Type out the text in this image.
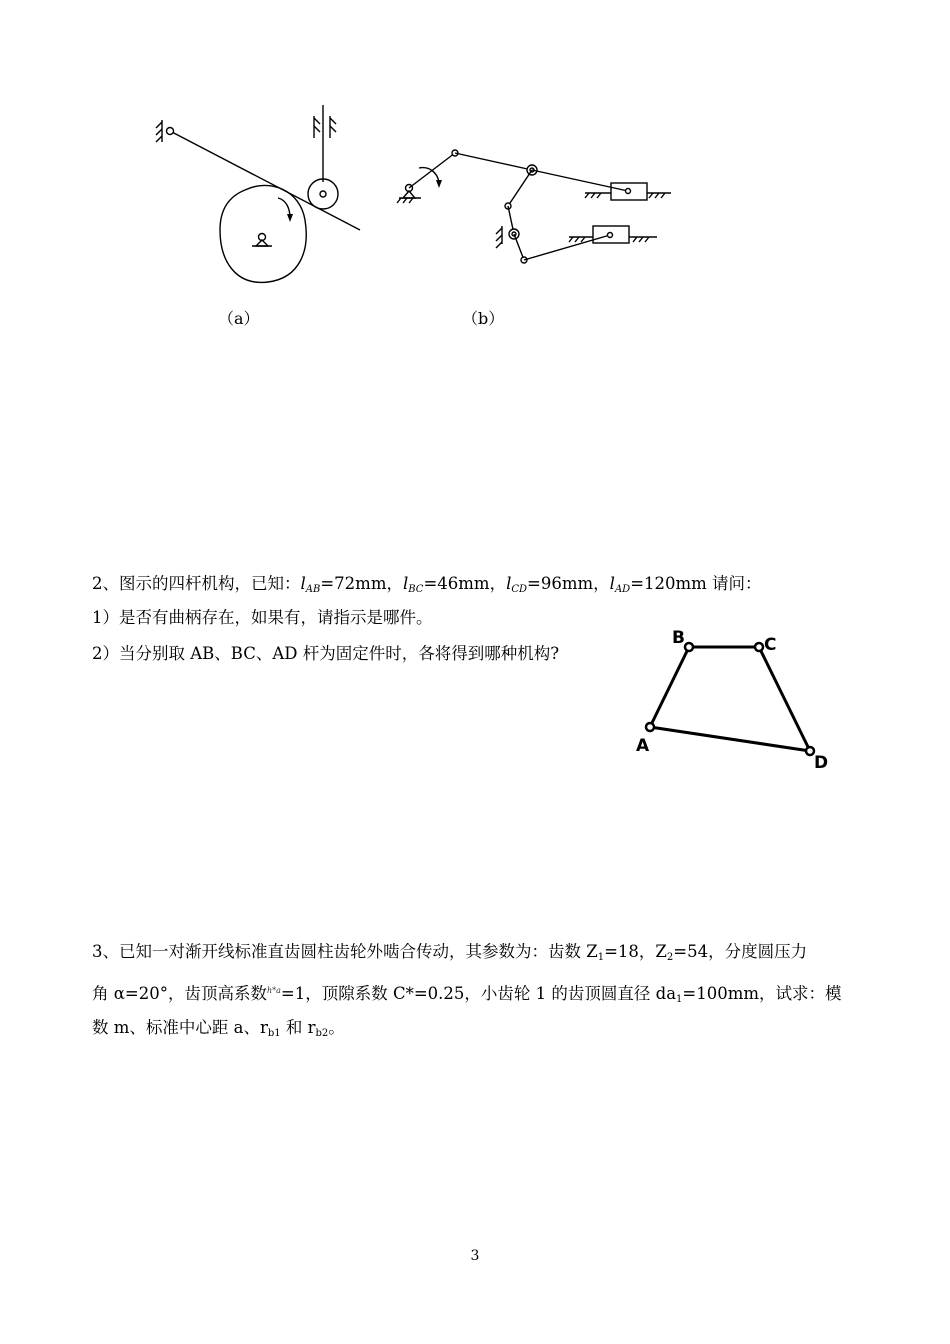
（a）	（b）
2、图示的四杆机构，已知：$l_{AB}=72mm$，$l_{BC}=46mm$，$l_{CD}=96mm$，$l_{AD}=120mm$ 请问：
1）是否有曲柄存在，如果有，请指示是哪件。
2）当分别取 AB、BC、AD 杆为固定件时，各将得到哪种机构?
B	C
A
D
3、已知一对渐开线标准直齿圆柱齿轮外啮合传动，其参数为：齿数 $Z_1=18$，$Z_2=54$，分度圆压力
角 α=20°，齿顶高系数$^{h*a}$=1，顶隙系数 C*=0.25，小齿轮 1 的齿顶圆直径 $da_1=100mm$，试求：模
数 m、标准中心距 a、$r_{b1}$ 和 $r_{b2}$。
3
